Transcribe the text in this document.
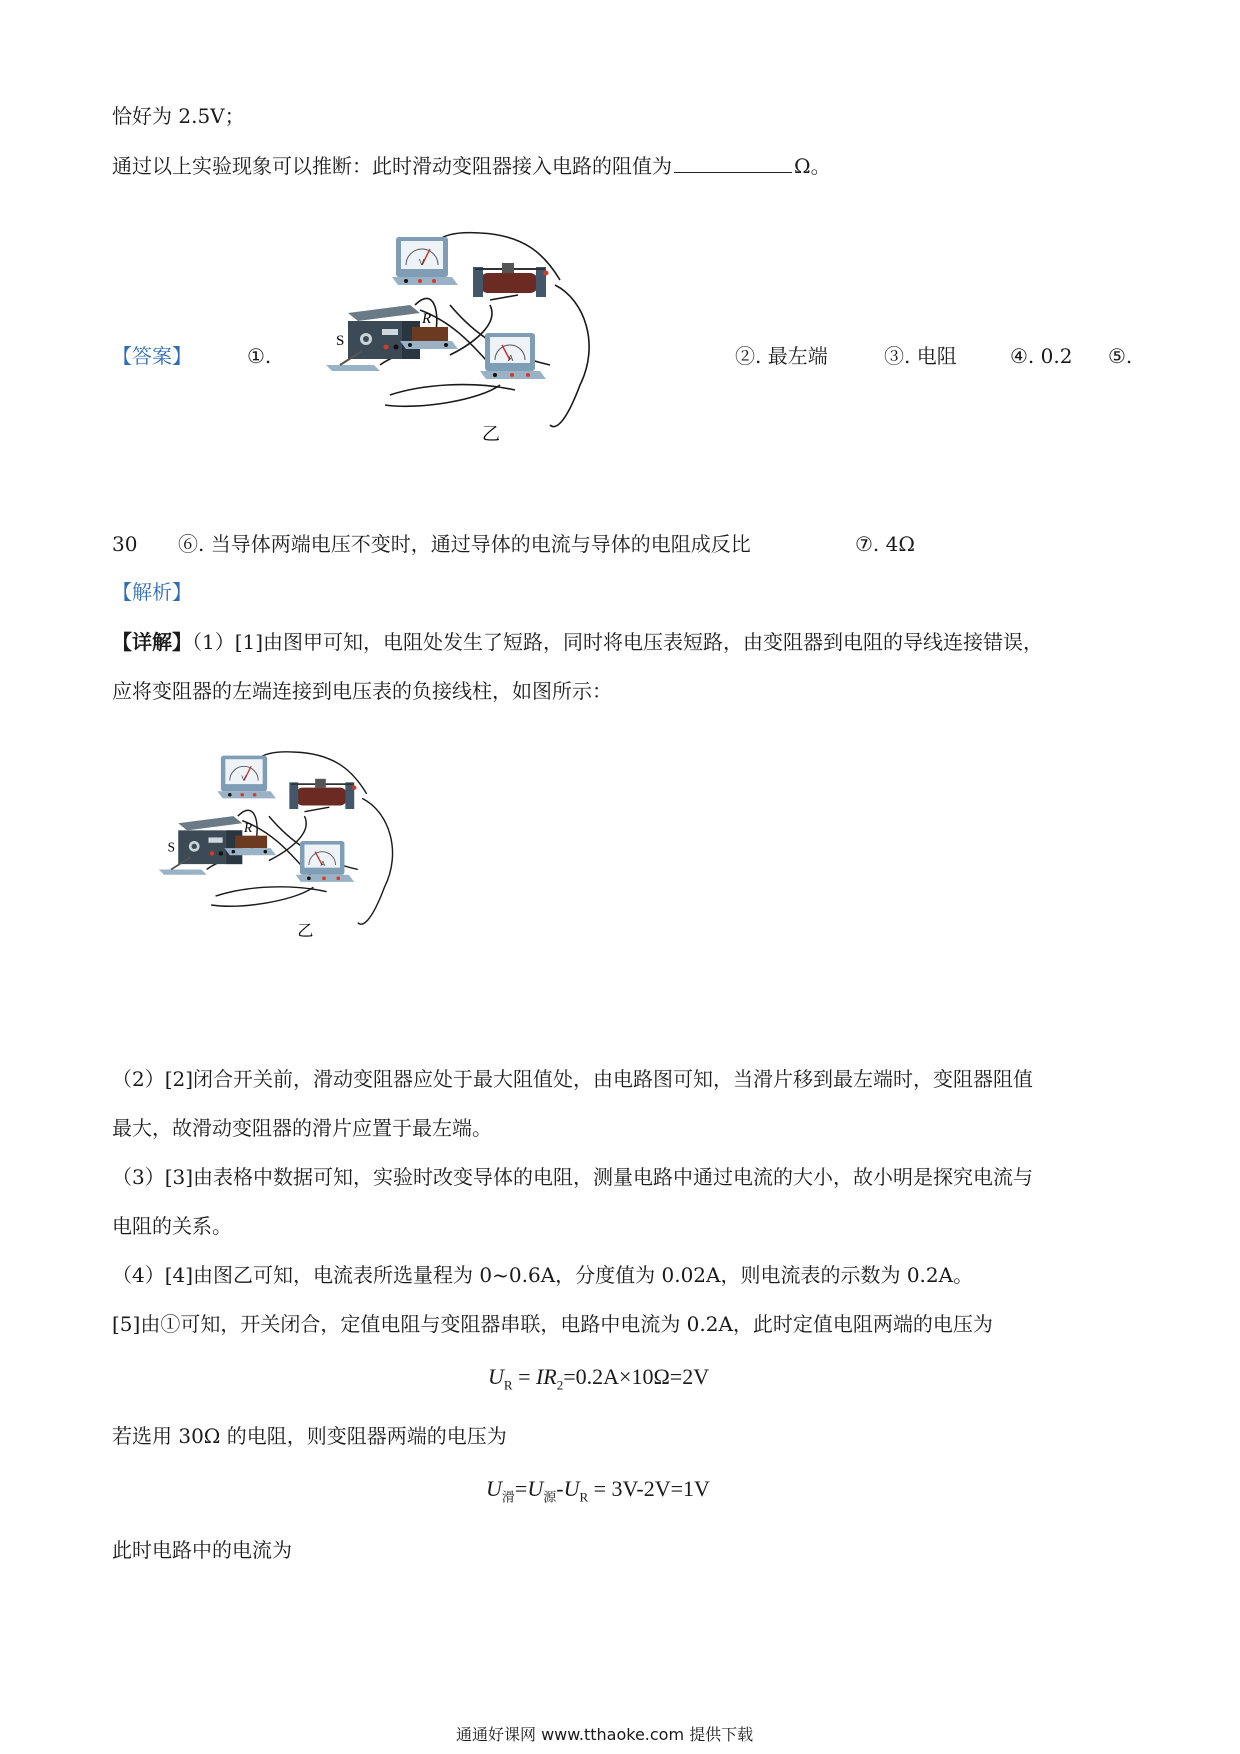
恰好为 2.5V；
通过以上实验现象可以推断：此时滑动变阻器接入电路的阻值为	Ω。
【答案】	①.	②. 最左端	③. 电阻	④. 0.2 ⑤.
V
R
S
A
乙
30 ⑥. 当导体两端电压不变时，通过导体的电流与导体的电阻成反比	⑦. 4Ω
【解析】
【详解】（1）[1]由图甲可知，电阻处发生了短路，同时将电压表短路，由变阻器到电阻的导线连接错误，
应将变阻器的左端连接到电压表的负接线柱，如图所示：
V
R
S
A
乙
（2）[2]闭合开关前，滑动变阻器应处于最大阻值处，由电路图可知，当滑片移到最左端时，变阻器阻值
最大，故滑动变阻器的滑片应置于最左端。
（3）[3]由表格中数据可知，实验时改变导体的电阻，测量电路中通过电流的大小，故小明是探究电流与
电阻的关系。
（4）[4]由图乙可知，电流表所选量程为 0~0.6A，分度值为 0.02A，则电流表的示数为 0.2A。
[5]由①可知，开关闭合，定值电阻与变阻器串联，电路中电流为 0.2A，此时定值电阻两端的电压为
$U_R = IR_2=0.2A\times 10\Omega=2V$
若选用 30Ω 的电阻，则变阻器两端的电压为
$U_滑=U_源-U_R = 3V-2V=1V$
此时电路中的电流为
通通好课网 www.tthaoke.com 提供下载
